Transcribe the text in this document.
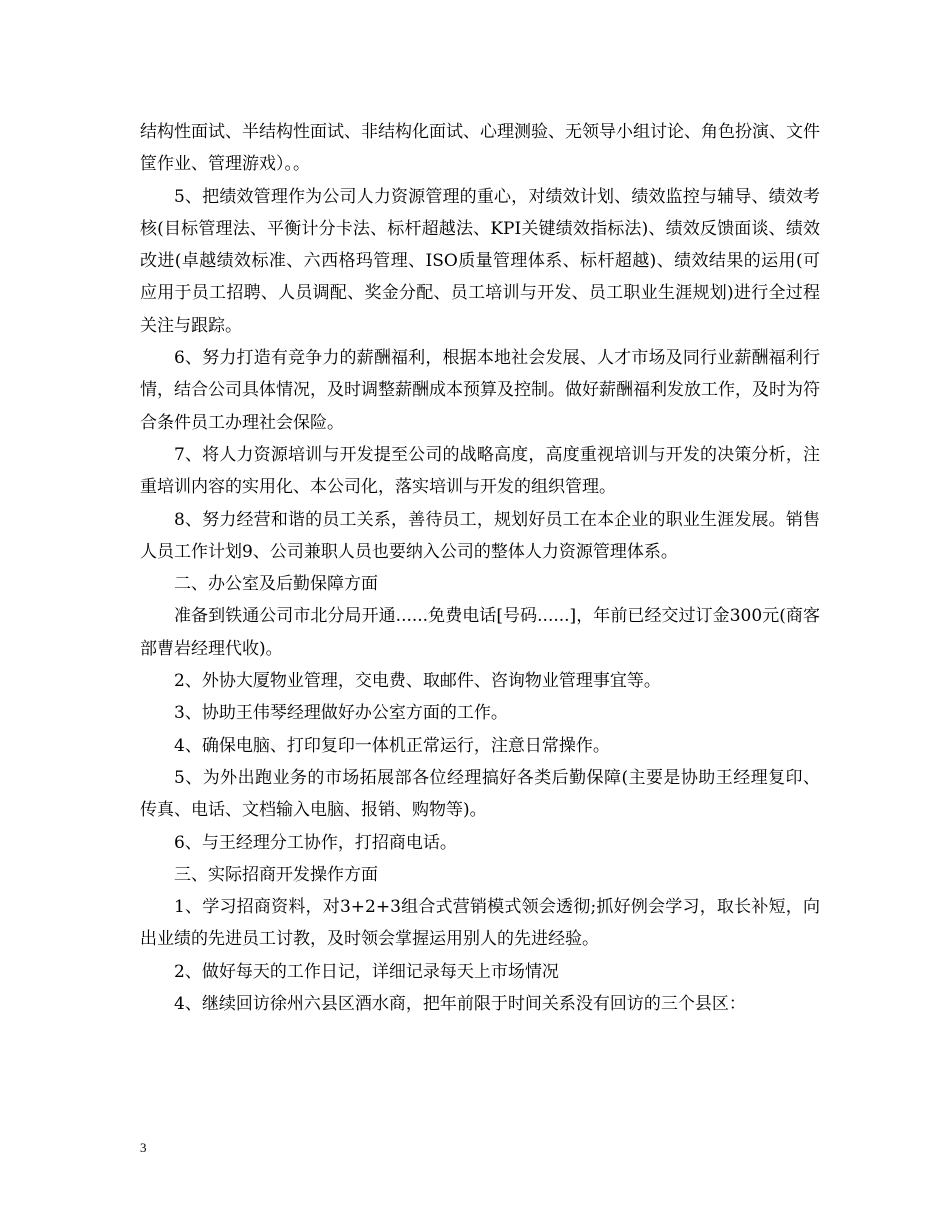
结构性面试、半结构性面试、非结构化面试、心理测验、无领导小组讨论、角色扮演、文件筐作业、管理游戏）。。

5、把绩效管理作为公司人力资源管理的重心，对绩效计划、绩效监控与辅导、绩效考核(目标管理法、平衡计分卡法、标杆超越法、KPI关键绩效指标法)、绩效反馈面谈、绩效改进(卓越绩效标准、六西格玛管理、ISO质量管理体系、标杆超越)、绩效结果的运用(可应用于员工招聘、人员调配、奖金分配、员工培训与开发、员工职业生涯规划)进行全过程关注与跟踪。

6、努力打造有竞争力的薪酬福利，根据本地社会发展、人才市场及同行业薪酬福利行情，结合公司具体情况，及时调整薪酬成本预算及控制。做好薪酬福利发放工作，及时为符合条件员工办理社会保险。

7、将人力资源培训与开发提至公司的战略高度，高度重视培训与开发的决策分析，注重培训内容的实用化、本公司化，落实培训与开发的组织管理。

8、努力经营和谐的员工关系，善待员工，规划好员工在本企业的职业生涯发展。销售人员工作计划9、公司兼职人员也要纳入公司的整体人力资源管理体系。

二、办公室及后勤保障方面

准备到铁通公司市北分局开通......免费电话[号码......]，年前已经交过订金300元(商客部曹岩经理代收)。

2、外协大厦物业管理，交电费、取邮件、咨询物业管理事宜等。

3、协助王伟琴经理做好办公室方面的工作。

4、确保电脑、打印复印一体机正常运行，注意日常操作。

5、为外出跑业务的市场拓展部各位经理搞好各类后勤保障(主要是协助王经理复印、传真、电话、文档输入电脑、报销、购物等)。

6、与王经理分工协作，打招商电话。

三、实际招商开发操作方面

1、学习招商资料，对3+2+3组合式营销模式领会透彻;抓好例会学习，取长补短，向出业绩的先进员工讨教，及时领会掌握运用别人的先进经验。

2、做好每天的工作日记，详细记录每天上市场情况

4、继续回访徐州六县区酒水商，把年前限于时间关系没有回访的三个县区：

3
